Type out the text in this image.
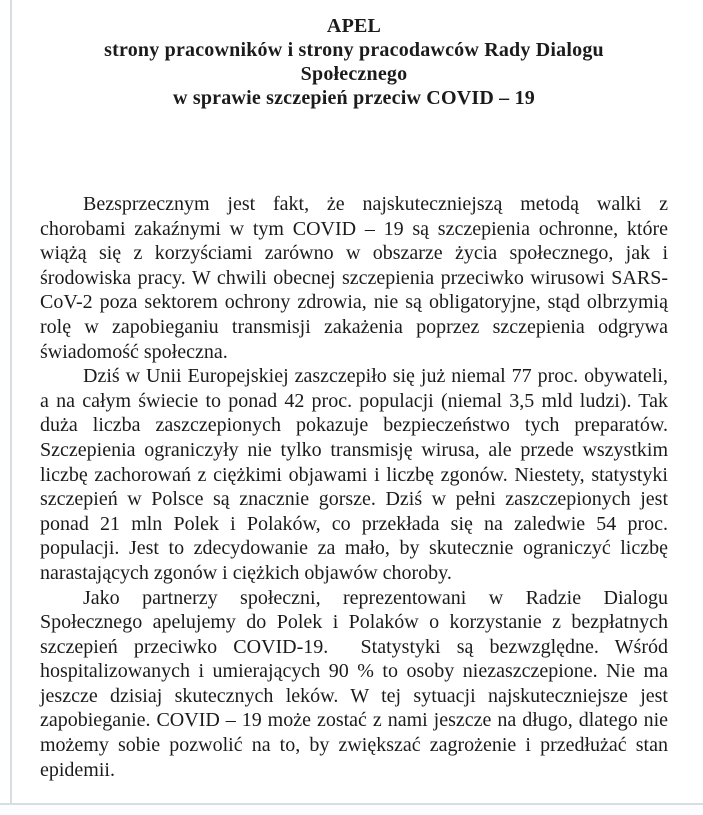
APEL
strony pracowników i strony pracodawców Rady Dialogu
Społecznego
w sprawie szczepień przeciw COVID – 19

Bezsprzecznym jest fakt, że najskuteczniejszą metodą walki z chorobami zakaźnymi w tym COVID – 19 są szczepienia ochronne, które wiążą się z korzyściami zarówno w obszarze życia społecznego, jak i środowiska pracy. W chwili obecnej szczepienia przeciwko wirusowi SARS-CoV-2 poza sektorem ochrony zdrowia, nie są obligatoryjne, stąd olbrzymią rolę w zapobieganiu transmisji zakażenia poprzez szczepienia odgrywa świadomość społeczna.

Dziś w Unii Europejskiej zaszczepiło się już niemal 77 proc. obywateli, a na całym świecie to ponad 42 proc. populacji (niemal 3,5 mld ludzi). Tak duża liczba zaszczepionych pokazuje bezpieczeństwo tych preparatów. Szczepienia ograniczyły nie tylko transmisję wirusa, ale przede wszystkim liczbę zachorowań z ciężkimi objawami i liczbę zgonów. Niestety, statystyki szczepień w Polsce są znacznie gorsze. Dziś w pełni zaszczepionych jest ponad 21 mln Polek i Polaków, co przekłada się na zaledwie 54 proc. populacji. Jest to zdecydowanie za mało, by skutecznie ograniczyć liczbę narastających zgonów i ciężkich objawów choroby.

Jako partnerzy społeczni, reprezentowani w Radzie Dialogu Społecznego apelujemy do Polek i Polaków o korzystanie z bezpłatnych szczepień przeciwko COVID-19.  Statystyki są bezwzględne. Wśród hospitalizowanych i umierających 90 % to osoby niezaszczepione. Nie ma jeszcze dzisiaj skutecznych leków. W tej sytuacji najskuteczniejsze jest zapobieganie. COVID – 19 może zostać z nami jeszcze na długo, dlatego nie możemy sobie pozwolić na to, by zwiększać zagrożenie i przedłużać stan epidemii.
